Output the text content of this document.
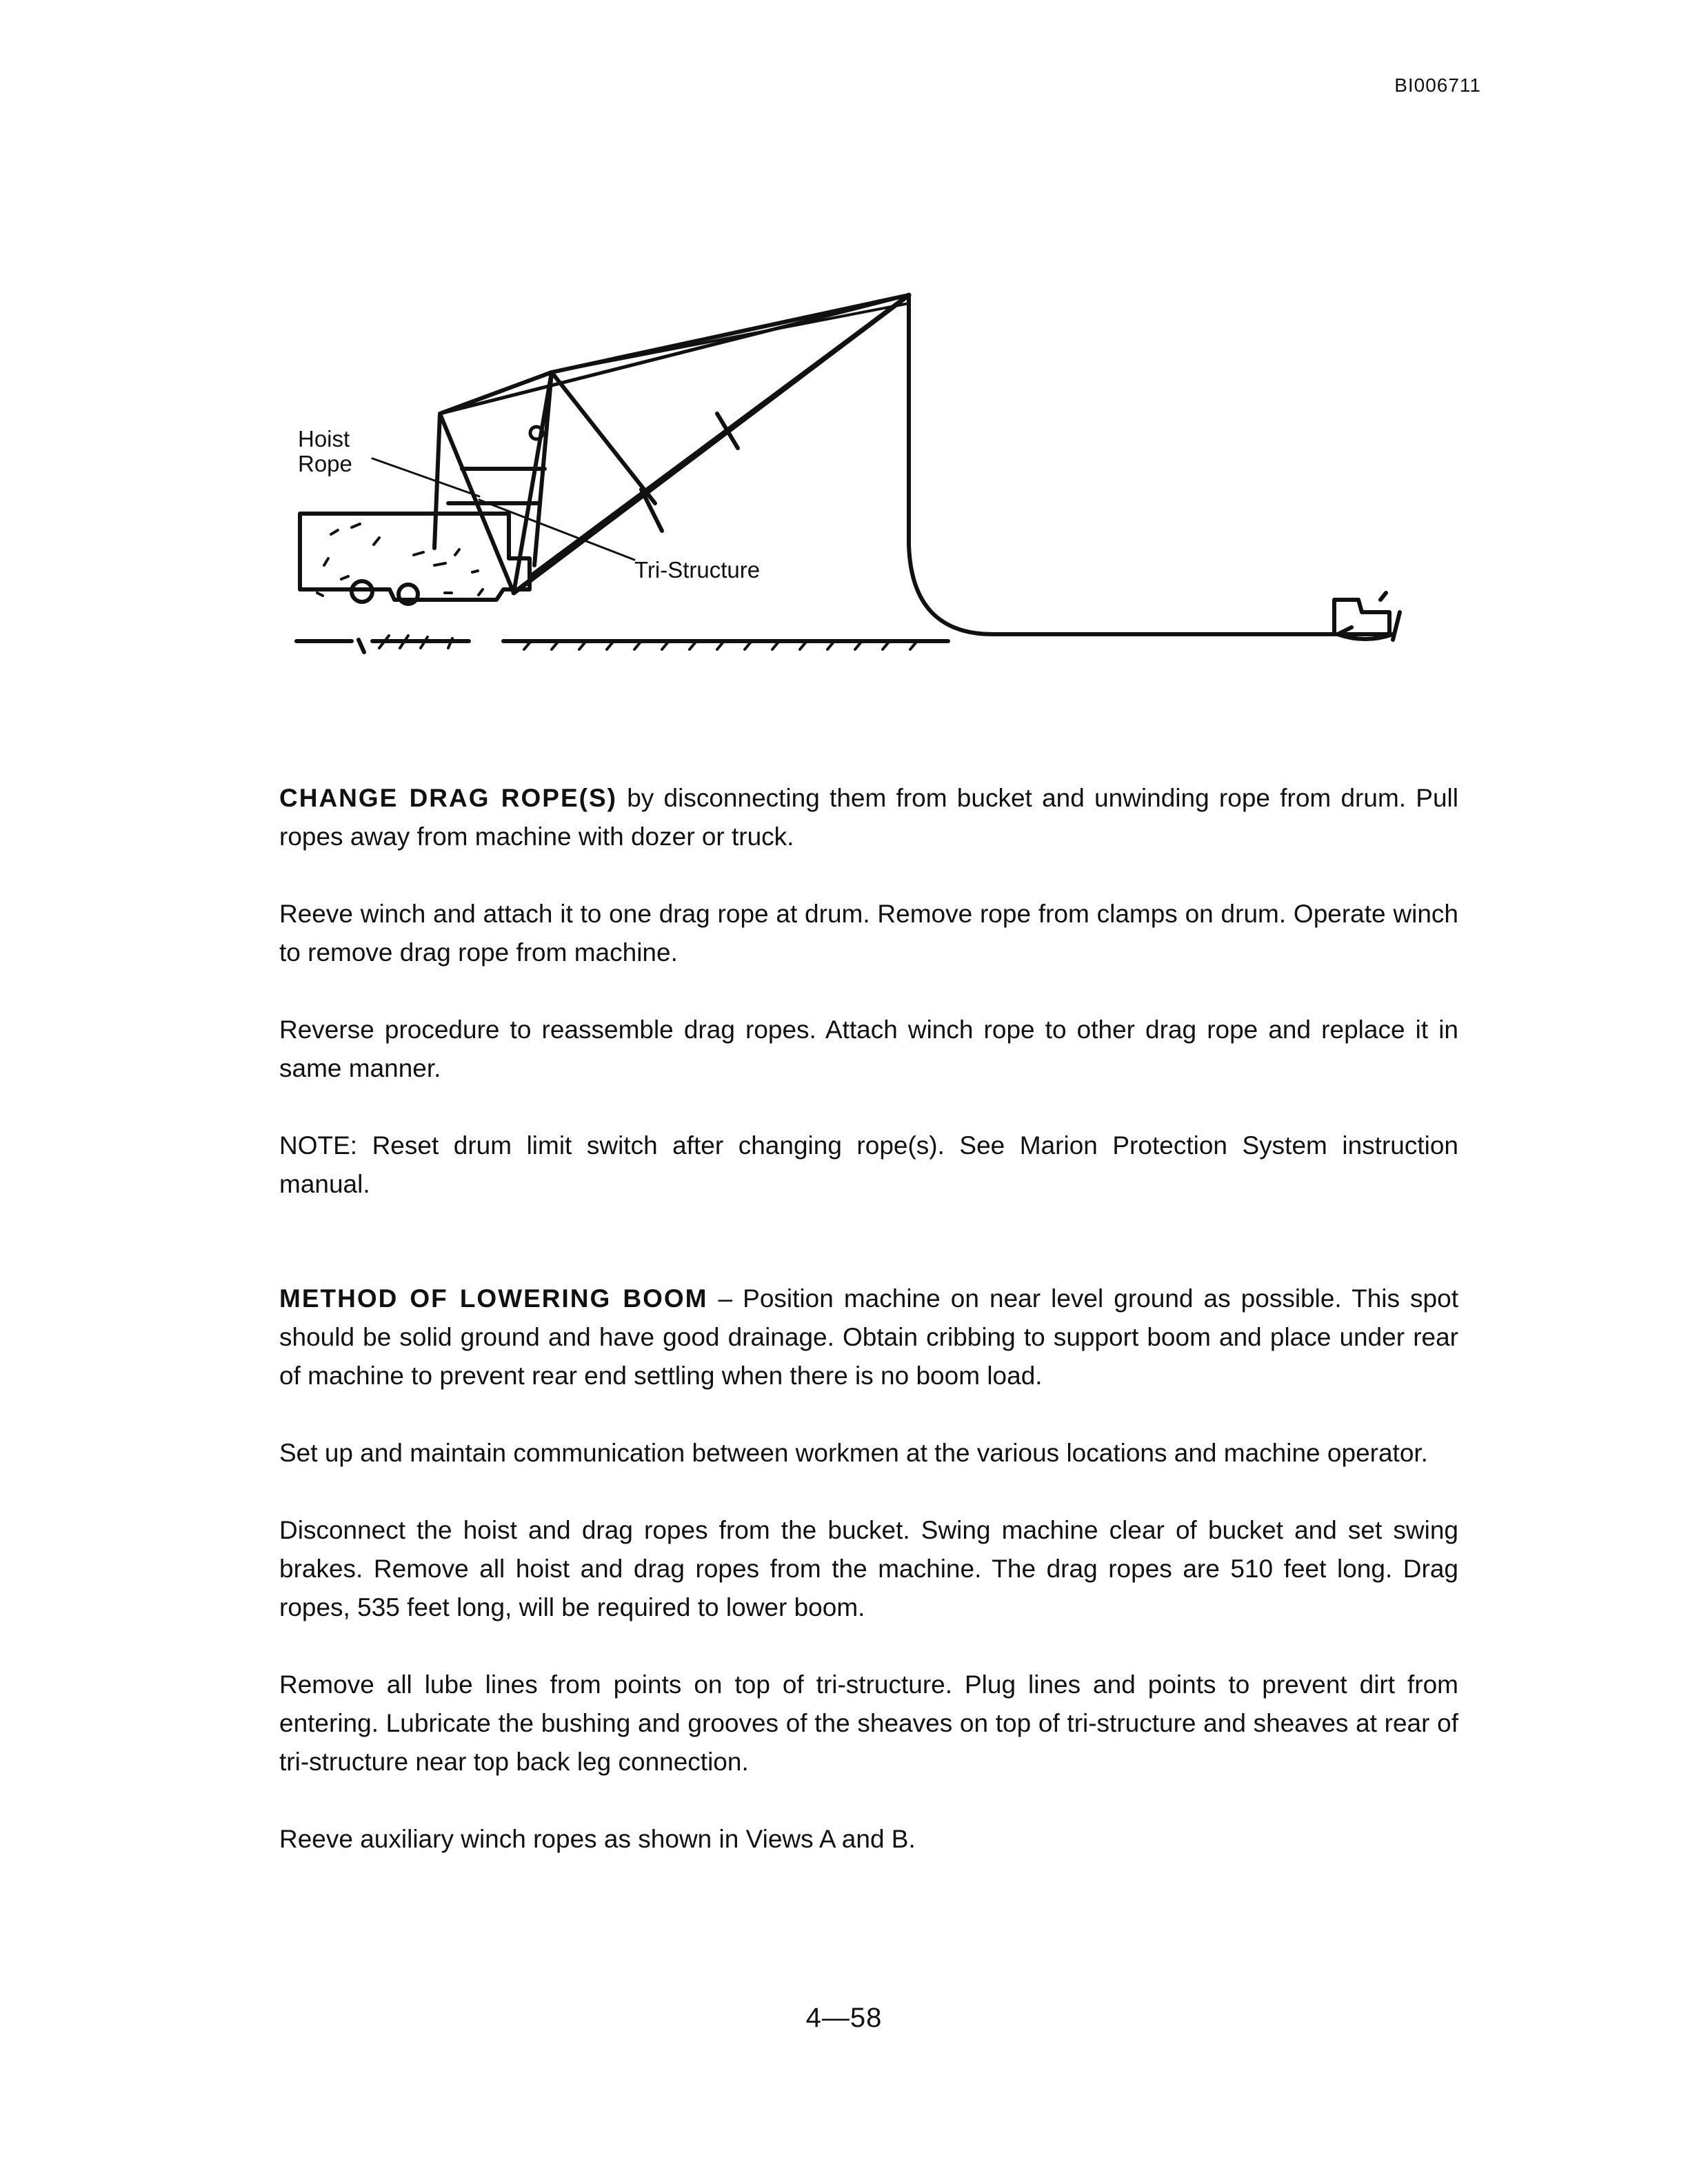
BI006711
Hoist
Rope
Tri-Structure

CHANGE DRAG ROPE(S) by disconnecting them from bucket and unwinding rope from drum. Pull ropes away from machine with dozer or truck.

Reeve winch and attach it to one drag rope at drum. Remove rope from clamps on drum. Operate winch to remove drag rope from machine.

Reverse procedure to reassemble drag ropes. Attach winch rope to other drag rope and replace it in same manner.

NOTE: Reset drum limit switch after changing rope(s). See Marion Protection System instruction manual.

METHOD OF LOWERING BOOM – Position machine on near level ground as possible. This spot should be solid ground and have good drainage. Obtain cribbing to support boom and place under rear of machine to prevent rear end settling when there is no boom load.

Set up and maintain communication between workmen at the various locations and machine operator.

Disconnect the hoist and drag ropes from the bucket. Swing machine clear of bucket and set swing brakes. Remove all hoist and drag ropes from the machine. The drag ropes are 510 feet long. Drag ropes, 535 feet long, will be required to lower boom.

Remove all lube lines from points on top of tri-structure. Plug lines and points to prevent dirt from entering. Lubricate the bushing and grooves of the sheaves on top of tri-structure and sheaves at rear of tri-structure near top back leg connection.

Reeve auxiliary winch ropes as shown in Views A and B.

4—58
